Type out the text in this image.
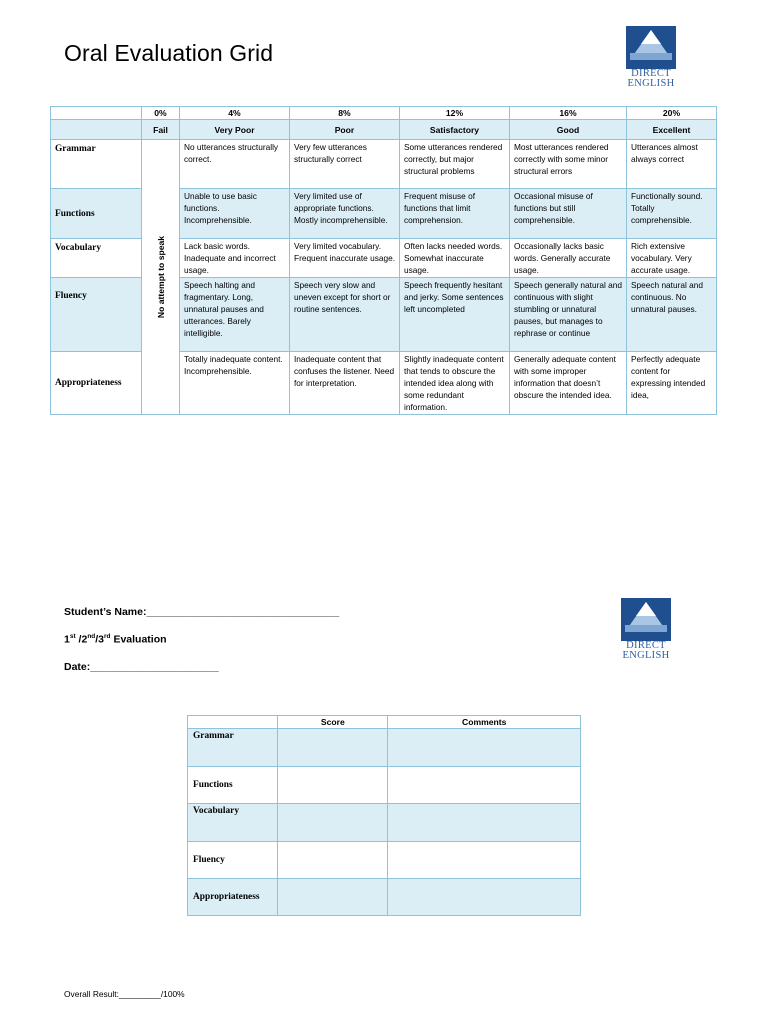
Oral Evaluation Grid
DIRECT
ENGLISH
	0%	4%	8%	12%	16%	20%
	Fail	Very Poor	Poor	Satisfactory	Good	Excellent
Grammar	No attempt to speak	No utterances structurally correct.	Very few utterances structurally correct	Some utterances rendered correctly, but major structural problems	Most utterances rendered correctly with some minor structural errors	Utterances almost always correct
Functions		Unable to use basic functions. Incomprehensible.	Very limited use of appropriate functions. Mostly incomprehensible.	Frequent misuse of functions that limit comprehension.	Occasional misuse of functions but still comprehensible.	Functionally sound. Totally comprehensible.
Vocabulary		Lack basic words. Inadequate and incorrect usage.	Very limited vocabulary. Frequent inaccurate usage.	Often lacks needed words. Somewhat inaccurate usage.	Occasionally lacks basic words. Generally accurate usage.	Rich extensive vocabulary. Very accurate usage.
Fluency		Speech halting and fragmentary. Long, unnatural pauses and utterances. Barely intelligible.	Speech very slow and uneven except for short or routine sentences.	Speech frequently hesitant and jerky. Some sentences left uncompleted	Speech generally natural and continuous with slight stumbling or unnatural pauses, but manages to rephrase or continue	Speech natural and continuous. No unnatural pauses.
Appropriateness		Totally inadequate content. Incomprehensible.	Inadequate content that confuses the listener. Need for interpretation.	Slightly inadequate content that tends to obscure the intended idea along with some redundant information.	Generally adequate content with some improper information that doesn’t obscure the intended idea.	Perfectly adequate content for expressing intended idea,
Student’s Name:_________________________________
1st /2nd/3rd Evaluation
Date:______________________
DIRECT
ENGLISH
	Score	Comments
Grammar		
Functions		
Vocabulary		
Fluency		
Appropriateness		
Overall Result:_________/100%
